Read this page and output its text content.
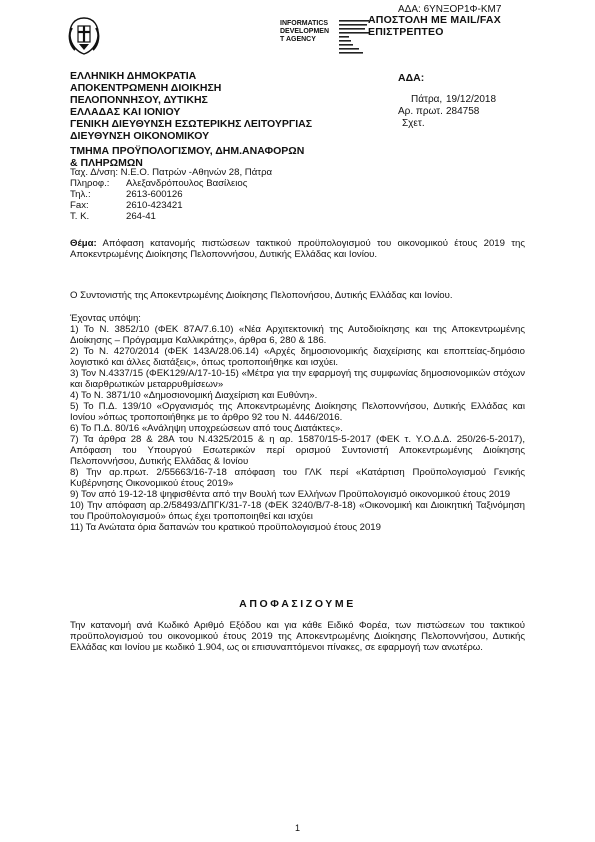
ΑΔΑ: 6ΥΝΞΟΡ1Φ-ΚΜ7
INFORMATICS
DEVELOPMEN
T AGENCY
ΑΠΟΣΤΟΛΗ ΜΕ MAIL/FAX
ΕΠΙΣΤΡΕΠΤΕΟ
ΕΛΛΗΝΙΚΗ ΔΗΜΟΚΡΑΤΙΑ
ΑΠΟΚΕΝΤΡΩΜΕΝΗ ΔΙΟΙΚΗΣΗ
ΠΕΛΟΠΟΝΝΗΣΟΥ, ΔΥΤΙΚΗΣ
ΕΛΛΑΔΑΣ ΚΑΙ ΙΟΝΙΟΥ
ΓΕΝΙΚΗ ΔΙΕΥΘΥΝΣΗ ΕΣΩΤΕΡΙΚΗΣ ΛΕΙΤΟΥΡΓΙΑΣ
ΔΙΕΥΘΥΝΣΗ ΟΙΚΟΝΟΜΙΚΟΥ
ΤΜΗΜΑ ΠΡΟΫΠΟΛΟΓΙΣΜΟΥ, ΔΗΜ.ΑΝΑΦΟΡΩΝ
& ΠΛΗΡΩΜΩΝ
ΑΔΑ:
Πάτρα, 19/12/2018
Αρ. πρωτ. 284758
Σχετ.
Ταχ. Δ/νση: Ν.Ε.Ο. Πατρών -Αθηνών 28, Πάτρα
Πληροφ.: Αλεξανδρόπουλος Βασίλειος
Τηλ.:	2613-600126
Fax:	2610-423421
Τ. Κ.	264-41
Θέμα: Απόφαση κατανομής πιστώσεων τακτικού προϋπολογισμού του οικονομικού έτους 2019 της Αποκεντρωμένης Διοίκησης Πελοποννήσου, Δυτικής Ελλάδας και Ιονίου.
Ο Συντονιστής της Αποκεντρωμένης Διοίκησης Πελοπονήσου, Δυτικής Ελλάδας και Ιονίου.

Έχοντας υπόψη:

1) Το Ν. 3852/10 (ΦΕΚ 87Α/7.6.10) «Νέα Αρχιτεκτονική της Αυτοδιοίκησης και της Αποκεντρωμένης Διοίκησης – Πρόγραμμα Καλλικράτης», άρθρα 6, 280 & 186.

2) Το Ν. 4270/2014 (ΦΕΚ 143Α/28.06.14) «Αρχές δημοσιονομικής διαχείρισης και εποπτείας-δημόσιο λογιστικό και άλλες διατάξεις», όπως τροποποιήθηκε και ισχύει.

3) Τον Ν.4337/15 (ΦΕΚ129/Α/17-10-15) «Μέτρα για την εφαρμογή της συμφωνίας δημοσιονομικών στόχων και διαρθρωτικών μεταρρυθμίσεων»

4) Το Ν. 3871/10 «Δημοσιονομική Διαχείριση και Ευθύνη».

5) Το Π.Δ. 139/10 «Οργανισμός της Αποκεντρωμένης Διοίκησης Πελοποννήσου, Δυτικής Ελλάδας και Ιονίου »όπως τροποποιήθηκε με το άρθρο 92 του Ν. 4446/2016.

6) Το Π.Δ. 80/16 «Ανάληψη υποχρεώσεων από τους Διατάκτες».

7) Τα άρθρα 28 & 28Α του Ν.4325/2015 & η αρ. 15870/15-5-2017 (ΦΕΚ τ. Υ.Ο.Δ.Δ. 250/26-5-2017), Απόφαση του Υπουργού Εσωτερικών περί ορισμού Συντονιστή Αποκεντρωμένης Διοίκησης Πελοποννήσου, Δυτικής Ελλάδας & Ιονίου

8) Την αρ.πρωτ. 2/55663/16-7-18 απόφαση του ΓΛΚ περί «Κατάρτιση Προϋπολογισμού Γενικής Κυβέρνησης Οικονομικού έτους 2019»

9) Τον από 19-12-18 ψηφισθέντα από την Βουλή των Ελλήνων Προϋπολογισμό οικονομικού έτους 2019

10) Την απόφαση αρ.2/58493/ΔΠΓΚ/31-7-18 (ΦΕΚ 3240/Β/7-8-18) «Οικονομική και Διοικητική Ταξινόμηση του Προϋπολογισμού» όπως έχει τροποποιηθεί και ισχύει

11) Τα Ανώτατα όρια δαπανών του κρατικού προϋπολογισμού έτους 2019

ΑΠΟΦΑΣΙΖΟΥΜΕ
Την κατανομή ανά Κωδικό Αριθμό Εξόδου και για κάθε Ειδικό Φορέα, των πιστώσεων του τακτικού προϋπολογισμού του οικονομικού έτους 2019 της Αποκεντρωμένης Διοίκησης Πελοποννήσου, Δυτικής Ελλάδας και Ιονίου με κωδικό 1.904, ως οι επισυναπτόμενοι πίνακες, σε εφαρμογή των ανωτέρω.
1
